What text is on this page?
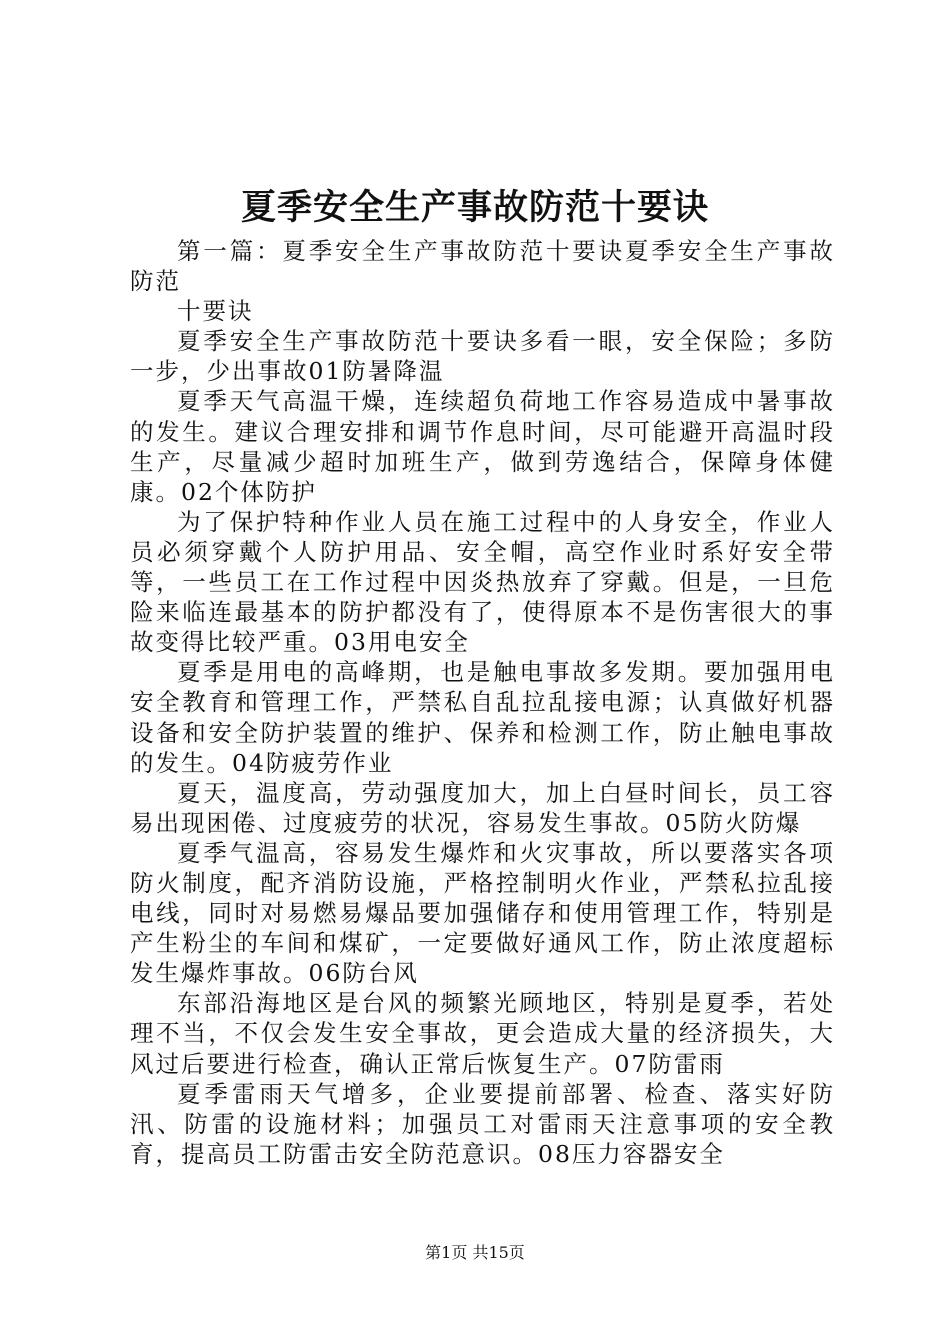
夏季安全生产事故防范十要诀

第一篇：夏季安全生产事故防范十要诀夏季安全生产事故防范

十要诀

夏季安全生产事故防范十要诀多看一眼，安全保险；多防一步，少出事故01防暑降温

夏季天气高温干燥，连续超负荷地工作容易造成中暑事故的发生。建议合理安排和调节作息时间，尽可能避开高温时段生产，尽量减少超时加班生产，做到劳逸结合，保障身体健康。02个体防护

为了保护特种作业人员在施工过程中的人身安全，作业人员必须穿戴个人防护用品、安全帽，高空作业时系好安全带等，一些员工在工作过程中因炎热放弃了穿戴。但是，一旦危险来临连最基本的防护都没有了，使得原本不是伤害很大的事故变得比较严重。03用电安全

夏季是用电的高峰期，也是触电事故多发期。要加强用电安全教育和管理工作，严禁私自乱拉乱接电源；认真做好机器设备和安全防护装置的维护、保养和检测工作，防止触电事故的发生。04防疲劳作业

夏天，温度高，劳动强度加大，加上白昼时间长，员工容易出现困倦、过度疲劳的状况，容易发生事故。05防火防爆

夏季气温高，容易发生爆炸和火灾事故，所以要落实各项防火制度，配齐消防设施，严格控制明火作业，严禁私拉乱接电线，同时对易燃易爆品要加强储存和使用管理工作，特别是产生粉尘的车间和煤矿，一定要做好通风工作，防止浓度超标发生爆炸事故。06防台风

东部沿海地区是台风的频繁光顾地区，特别是夏季，若处理不当，不仅会发生安全事故，更会造成大量的经济损失，大风过后要进行检查，确认正常后恢复生产。07防雷雨

夏季雷雨天气增多，企业要提前部署、检查、落实好防汛、防雷的设施材料；加强员工对雷雨天注意事项的安全教育，提高员工防雷击安全防范意识。08压力容器安全

第1页 共15页
